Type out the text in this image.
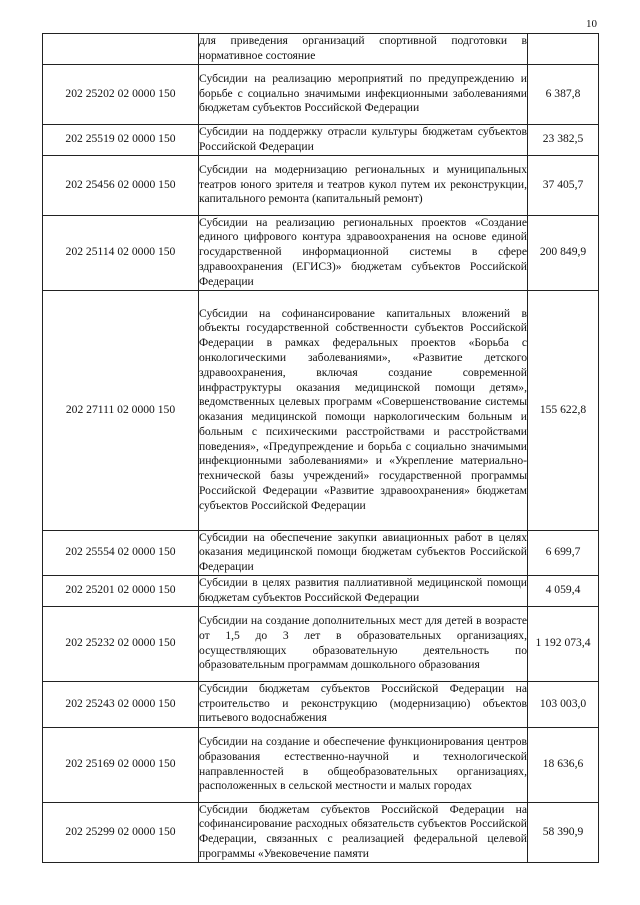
10
	для приведения организаций спортивной подготовки в нормативное состояние	
202 25202 02 0000 150	Субсидии на реализацию мероприятий по предупреждению и борьбе с социально значимыми инфекционными заболеваниями бюджетам субъектов Российской Федерации	6 387,8
202 25519 02 0000 150	Субсидии на поддержку отрасли культуры бюджетам субъектов Российской Федерации	23 382,5
202 25456 02 0000 150	Субсидии на модернизацию региональных и муниципальных театров юного зрителя и театров кукол путем их реконструкции, капитального ремонта (капитальный ремонт)	37 405,7
202 25114 02 0000 150	Субсидии на реализацию региональных проектов «Создание единого цифрового контура здравоохранения на основе единой государственной информационной системы в сфере здравоохранения (ЕГИСЗ)» бюджетам субъектов Российской Федерации	200 849,9
202 27111 02 0000 150	Субсидии на софинансирование капитальных вложений в объекты государственной собственности субъектов Российской Федерации в рамках федеральных проектов «Борьба с онкологическими заболеваниями», «Развитие детского здравоохранения, включая создание современной инфраструктуры оказания медицинской помощи детям», ведомственных целевых программ «Совершенствование системы оказания медицинской помощи наркологическим больным и больным с психическими расстройствами и расстройствами поведения», «Предупреждение и борьба с социально значимыми инфекционными заболеваниями» и «Укрепление материально-технической базы учреждений» государственной программы Российской Федерации «Развитие здравоохранения» бюджетам субъектов Российской Федерации	155 622,8
202 25554 02 0000 150	Субсидии на обеспечение закупки авиационных работ в целях оказания медицинской помощи бюджетам субъектов Российской Федерации	6 699,7
202 25201 02 0000 150	Субсидии в целях развития паллиативной медицинской помощи бюджетам субъектов Российской Федерации	4 059,4
202 25232 02 0000 150	Субсидии на создание дополнительных мест для детей в возрасте от 1,5 до 3 лет в образовательных организациях, осуществляющих образовательную деятельность по образовательным программам дошкольного образования	1 192 073,4
202 25243 02 0000 150	Субсидии бюджетам субъектов Российской Федерации на строительство и реконструкцию (модернизацию) объектов питьевого водоснабжения	103 003,0
202 25169 02 0000 150	Субсидии на создание и обеспечение функционирования центров образования естественно-научной и технологической направленностей в общеобразовательных организациях, расположенных в сельской местности и малых городах	18 636,6
202 25299 02 0000 150	Субсидии бюджетам субъектов Российской Федерации на софинансирование расходных обязательств субъектов Российской Федерации, связанных с реализацией федеральной целевой программы «Увековечение памяти	58 390,9
